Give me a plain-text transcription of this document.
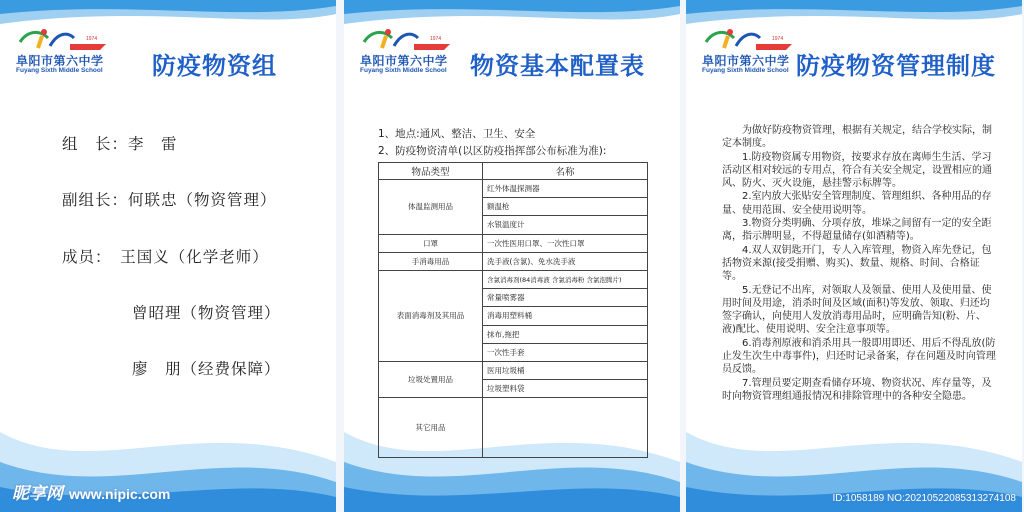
1974
阜阳市第六中学
Fuyang Sixth Middle School 防疫物资组
组　长：李　雷
副组长：何联忠（物资管理）
成员：　王国义（化学老师）
曾昭理（物资管理）
廖　朋（经费保障）
昵享网 www.nipic.com
1974
阜阳市第六中学
Fuyang Sixth Middle School 物资基本配置表
1、地点:通风、整洁、卫生、安全
2、防疫物资清单(以区防疫指挥部公布标准为准):
物品类型	名称
体温监测用品	红外体温探测器
	额温枪
	水银温度计
口罩	一次性医用口罩、一次性口罩
手消毒用品	洗手液(含氯)、免水洗手液
表面消毒剂及其用品	含氯消毒剂(84消毒液 含氯消毒粉 含氯泡腾片)
	常量喷雾器
	消毒用塑料桶
	抹布,拖把
	一次性手套
垃圾处置用品	医用垃圾桶
	垃圾塑料袋
其它用品	
1974
阜阳市第六中学
Fuyang Sixth Middle School 防疫物资管理制度

为做好防疫物资管理，根据有关规定，结合学校实际，制定本制度。

1.防疫物资属专用物资，按要求存放在离师生生活、学习活动区相对较远的专用点，符合有关安全规定，设置相应的通风、防火、灭火设施，悬挂警示标牌等。

2.室内放大张贴安全管理制度、管理组织、各种用品的存量、使用范围、安全使用说明等。

3.物资分类明确、分项存放，堆垛之间留有一定的安全距离，指示牌明显，不得超量储存(如酒精等)。

4.双人双钥匙开门，专人入库管理，物资入库先登记，包括物资来源(接受捐赠、购买)、数量、规格、时间、合格证等。

5.无登记不出库，对领取人及领量、使用人及使用量、使用时间及用途，消杀时间及区域(面积)等发放、领取、归还均签字确认，向使用人发放消毒用品时，应明确告知(粉、片、液)配比、使用说明、安全注意事项等。

6.消毒剂原液和消杀用具一般即用即还、用后不得乱放(防止发生次生中毒事件)，归还时记录备案，存在问题及时向管理员反馈。

7.管理员要定期查看储存环境、物资状况、库存量等，及时向物资管理组通报情况和排除管理中的各种安全隐患。

ID:1058189 NO:20210522085313274108
